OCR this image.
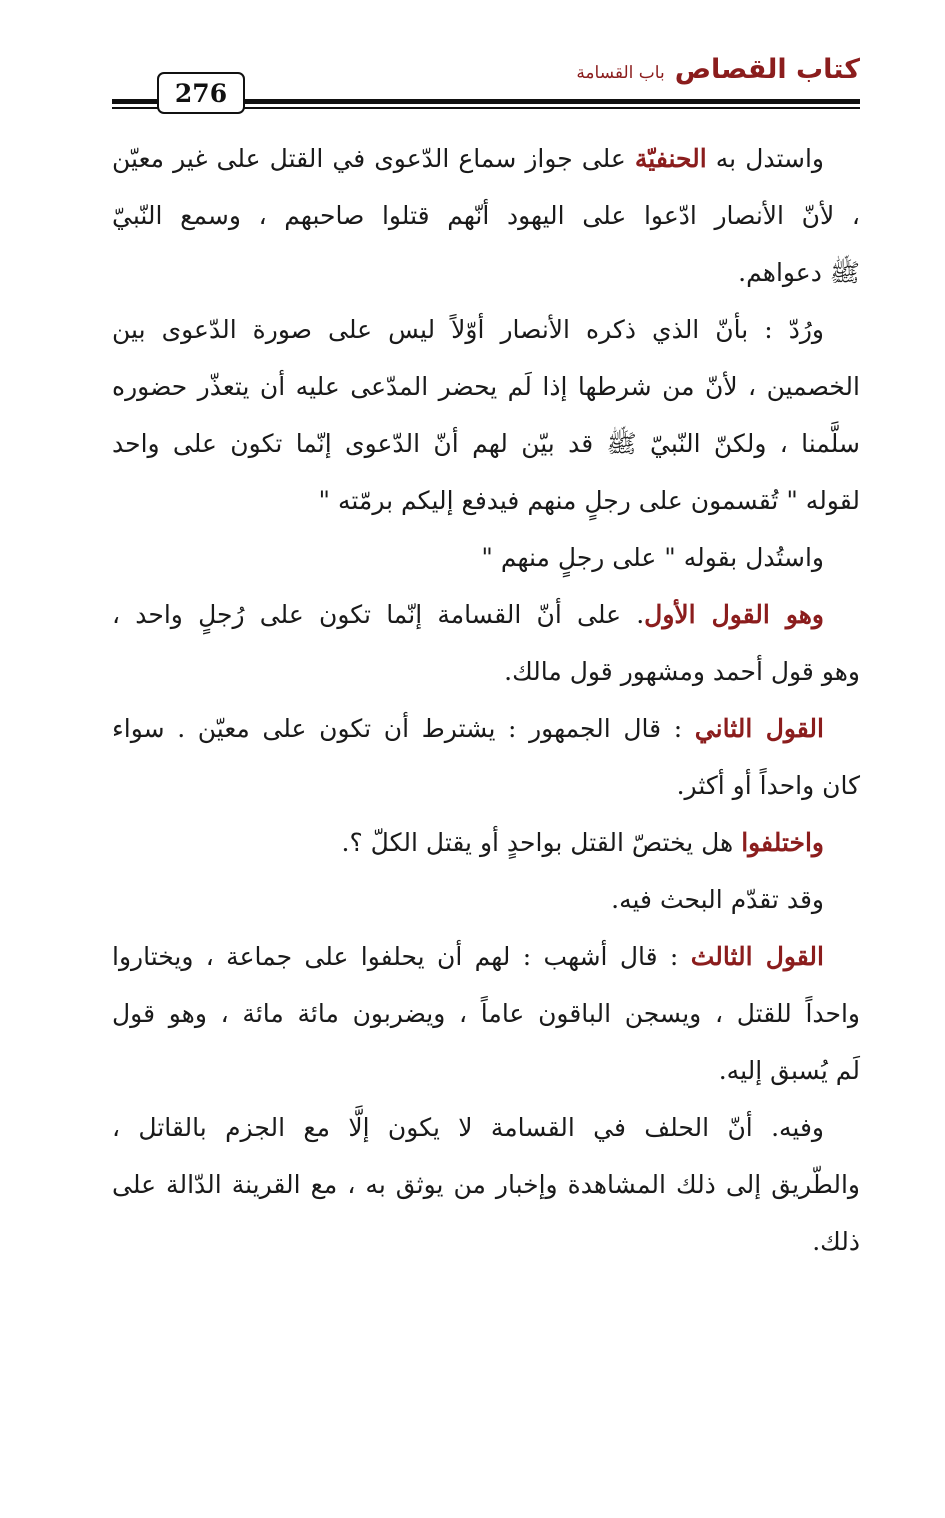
كتاب القصاص
باب القسامة
276
واستدل به الحنفيّة على جواز سماع الدّعوى في القتل على غير معيّن
، لأنّ الأنصار ادّعوا على اليهود أنّهم قتلوا صاحبهم ، وسمع النّبيّ
ﷺ دعواهم.
ورُدّ : بأنّ الذي ذكره الأنصار أوّلاً ليس على صورة الدّعوى بين
الخصمين ، لأنّ من شرطها إذا لَم يحضر المدّعى عليه أن يتعذّر حضوره
سلَّمنا ، ولكنّ النّبيّ ﷺ قد بيّن لهم أنّ الدّعوى إنّما تكون على واحد
لقوله " تُقسمون على رجلٍ منهم فيدفع إليكم برمّته "
واستُدل بقوله " على رجلٍ منهم "
وهو القول الأول. على أنّ القسامة إنّما تكون على رُجلٍ واحد ،
وهو قول أحمد ومشهور قول مالك.
القول الثاني : قال الجمهور : يشترط أن تكون على معيّن . سواء
كان واحداً أو أكثر.
واختلفوا هل يختصّ القتل بواحدٍ أو يقتل الكلّ ؟.
وقد تقدّم البحث فيه.
القول الثالث : قال أشهب : لهم أن يحلفوا على جماعة ، ويختاروا
واحداً للقتل ، ويسجن الباقون عاماً ، ويضربون مائة مائة ، وهو قول
لَم يُسبق إليه.
وفيه. أنّ الحلف في القسامة لا يكون إلَّا مع الجزم بالقاتل ،
والطّريق إلى ذلك المشاهدة وإخبار من يوثق به ، مع القرينة الدّالة على
ذلك.
